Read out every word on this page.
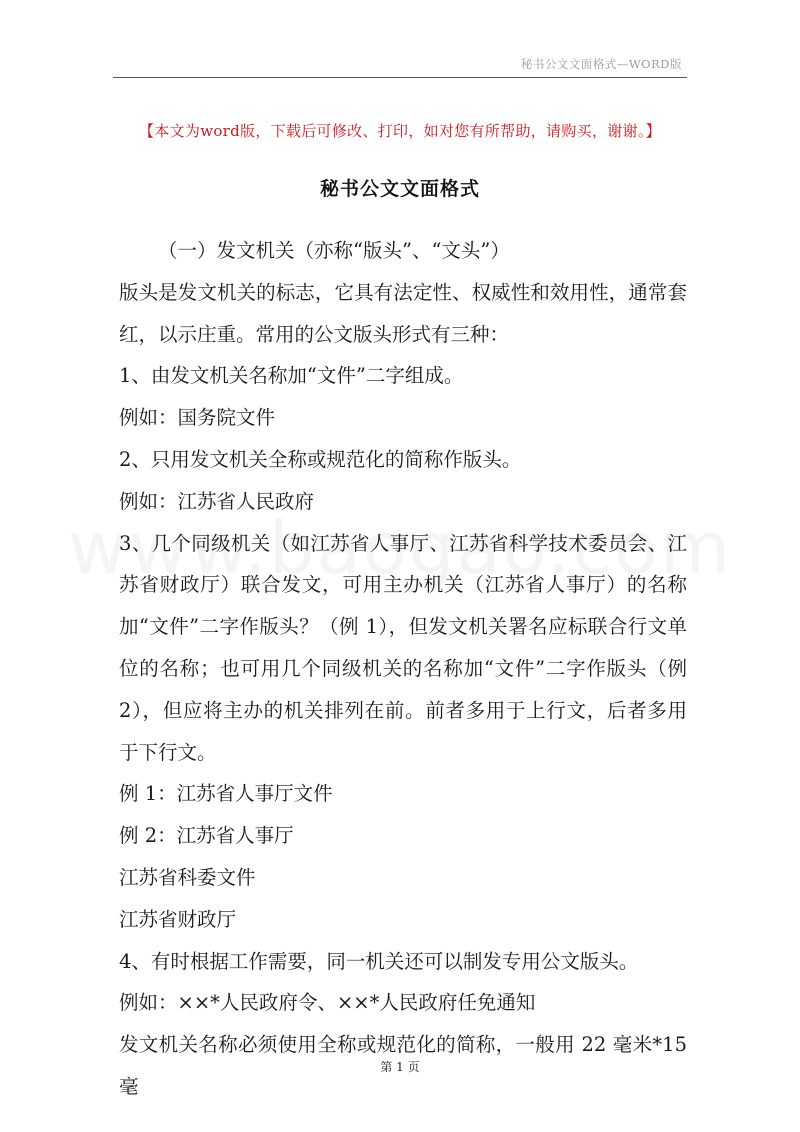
秘书公文文面格式—WORD版
【本文为word版，下载后可修改、打印，如对您有所帮助，请购买，谢谢。】
秘书公文文面格式

（一）发文机关（亦称“版头”、“文头”）

版头是发文机关的标志，它具有法定性、权威性和效用性，通常套红，以示庄重。常用的公文版头形式有三种：

1、由发文机关名称加“文件”二字组成。

例如：国务院文件

2、只用发文机关全称或规范化的简称作版头。

例如：江苏省人民政府

3、几个同级机关（如江苏省人事厅、江苏省科学技术委员会、江苏省财政厅）联合发文，可用主办机关（江苏省人事厅）的名称加“文件”二字作版头？（例 1），但发文机关署名应标联合行文单位的名称；也可用几个同级机关的名称加“文件”二字作版头（例 2），但应将主办的机关排列在前。前者多用于上行文，后者多用于下行文。

例 1：江苏省人事厅文件

例 2：江苏省人事厅

江苏省科委文件

江苏省财政厅

4、有时根据工作需要，同一机关还可以制发专用公文版头。

例如：××*人民政府令、××*人民政府任免通知

发文机关名称必须使用全称或规范化的简称，一般用 22 毫米*15 毫

第 1 页
